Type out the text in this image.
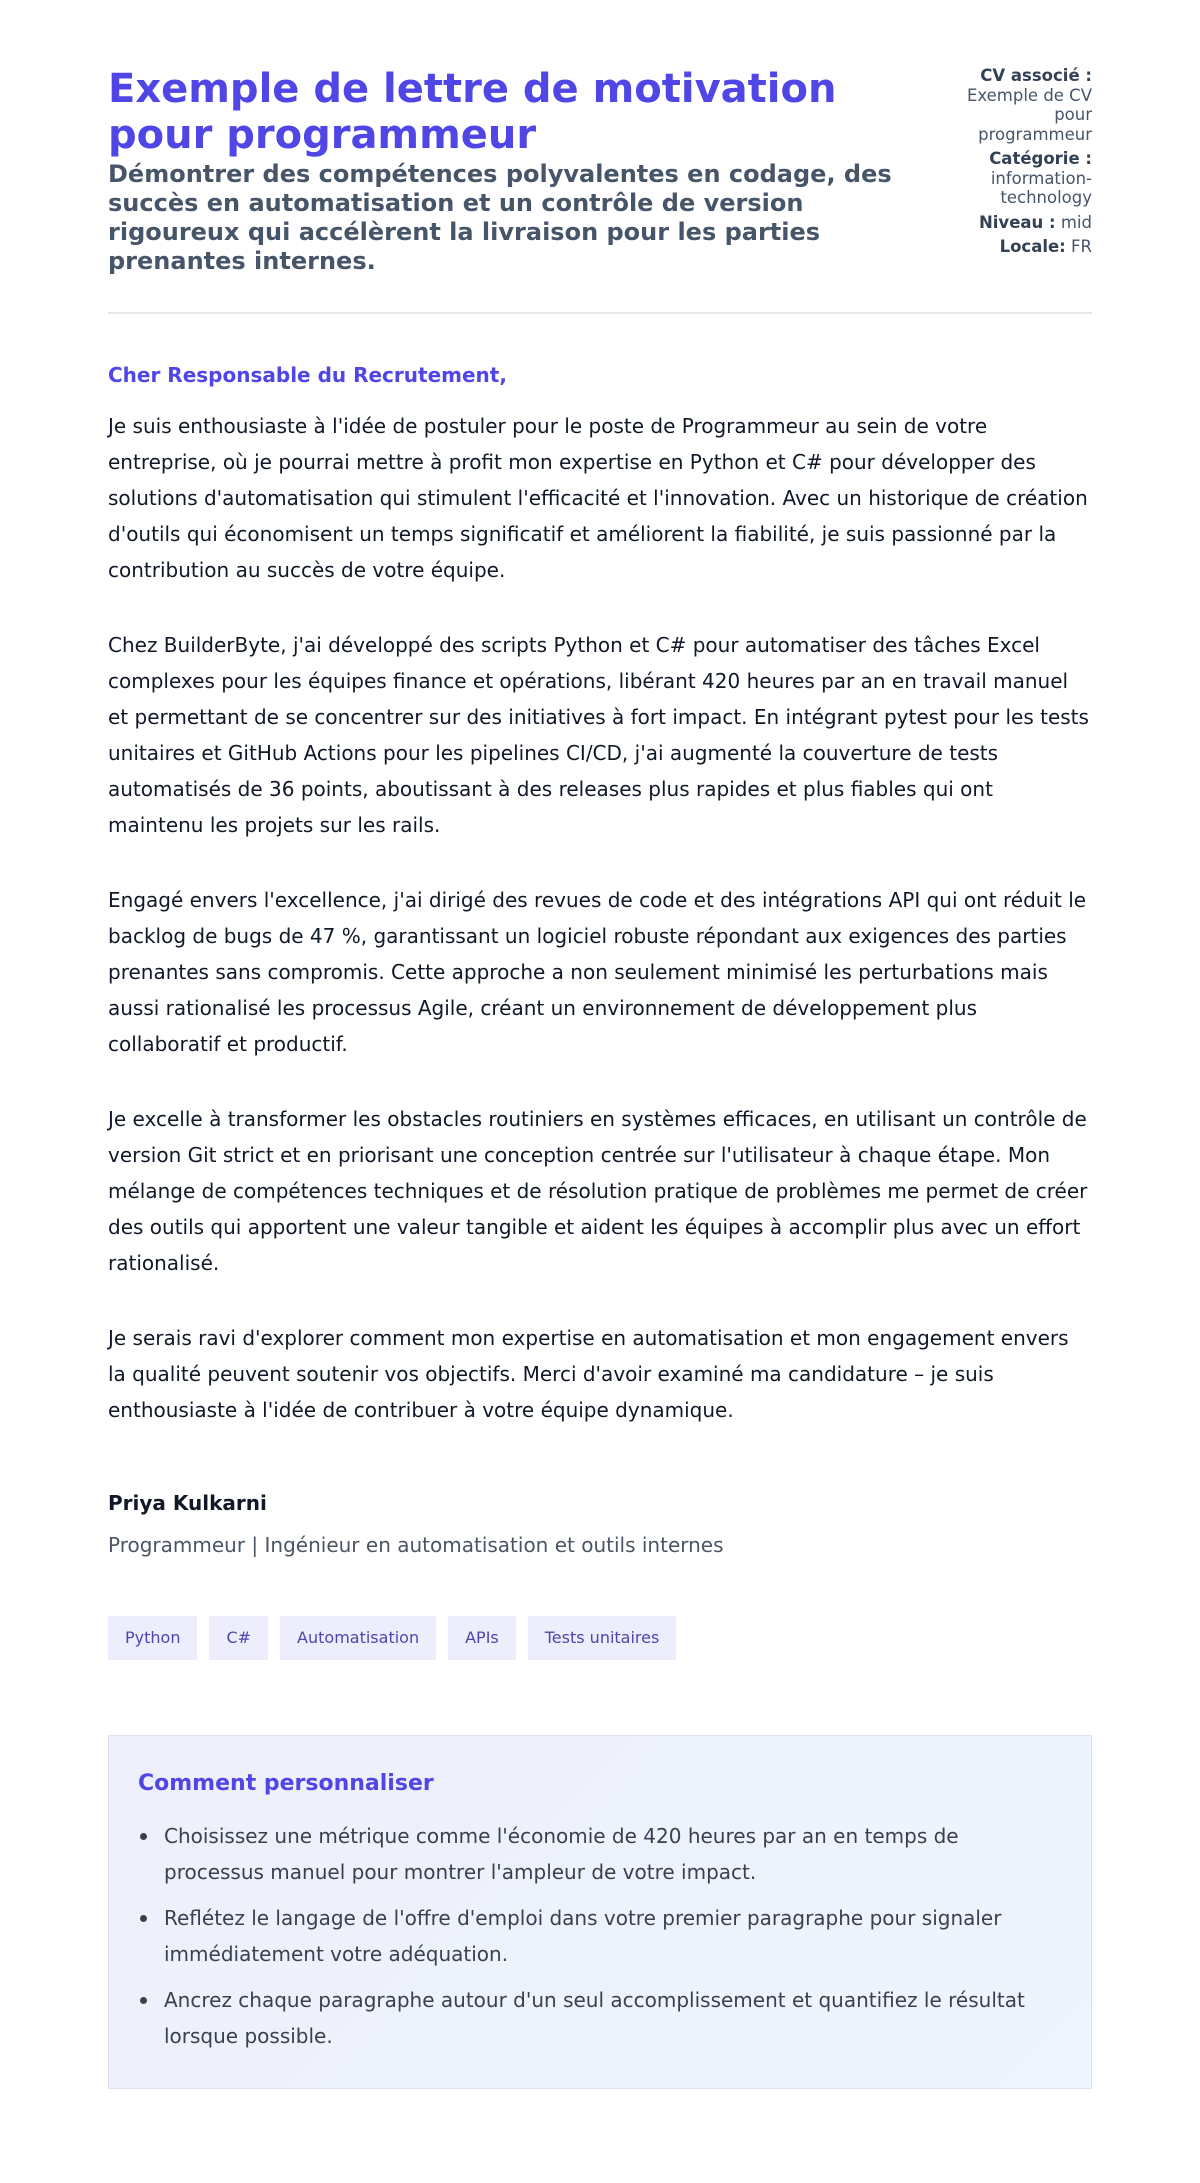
Exemple de lettre de motivation pour programmeur
Démontrer des compétences polyvalentes en codage, des succès en automatisation et un contrôle de version rigoureux qui accélèrent la livraison pour les parties prenantes internes.
CV associé : Exemple de CV pour programmeur
Catégorie : information-technology
Niveau : mid
Locale: FR

Cher Responsable du Recrutement,

Je suis enthousiaste à l'idée de postuler pour le poste de Programmeur au sein de votre entreprise, où je pourrai mettre à profit mon expertise en Python et C# pour développer des solutions d'automatisation qui stimulent l'efficacité et l'innovation. Avec un historique de création d'outils qui économisent un temps significatif et améliorent la fiabilité, je suis passionné par la contribution au succès de votre équipe.

Chez BuilderByte, j'ai développé des scripts Python et C# pour automatiser des tâches Excel complexes pour les équipes finance et opérations, libérant 420 heures par an en travail manuel et permettant de se concentrer sur des initiatives à fort impact. En intégrant pytest pour les tests unitaires et GitHub Actions pour les pipelines CI/CD, j'ai augmenté la couverture de tests automatisés de 36 points, aboutissant à des releases plus rapides et plus fiables qui ont maintenu les projets sur les rails.

Engagé envers l'excellence, j'ai dirigé des revues de code et des intégrations API qui ont réduit le backlog de bugs de 47 %, garantissant un logiciel robuste répondant aux exigences des parties prenantes sans compromis. Cette approche a non seulement minimisé les perturbations mais aussi rationalisé les processus Agile, créant un environnement de développement plus collaboratif et productif.

Je excelle à transformer les obstacles routiniers en systèmes efficaces, en utilisant un contrôle de version Git strict et en priorisant une conception centrée sur l'utilisateur à chaque étape. Mon mélange de compétences techniques et de résolution pratique de problèmes me permet de créer des outils qui apportent une valeur tangible et aident les équipes à accomplir plus avec un effort rationalisé.

Je serais ravi d'explorer comment mon expertise en automatisation et mon engagement envers la qualité peuvent soutenir vos objectifs. Merci d'avoir examiné ma candidature – je suis enthousiaste à l'idée de contribuer à votre équipe dynamique.

Priya Kulkarni
Programmeur | Ingénieur en automatisation et outils internes
Python	C#	Automatisation	APIs	Tests unitaires
Comment personnaliser
Choisissez une métrique comme l'économie de 420 heures par an en temps de processus manuel pour montrer l'ampleur de votre impact.
Reflétez le langage de l'offre d'emploi dans votre premier paragraphe pour signaler immédiatement votre adéquation.
Ancrez chaque paragraphe autour d'un seul accomplissement et quantifiez le résultat lorsque possible.
